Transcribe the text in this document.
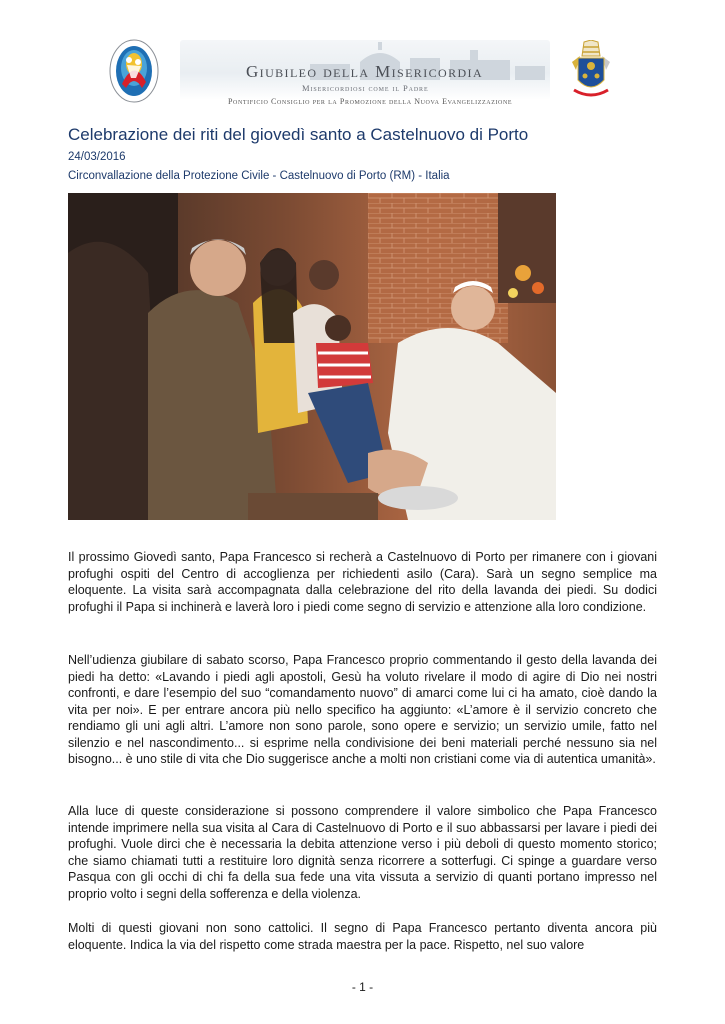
Giubileo della Misericordia
Misericordiosi come il Padre
Pontificio Consiglio per la Promozione della Nuova Evangelizzazione
Celebrazione dei riti del giovedì santo a Castelnuovo di Porto
24/03/2016
Circonvallazione della Protezione Civile - Castelnuovo di Porto (RM) - Italia

Il prossimo Giovedì santo, Papa Francesco si recherà a Castelnuovo di Porto per rimanere con i giovani profughi ospiti del Centro di accoglienza per richiedenti asilo (Cara). Sarà un segno semplice ma eloquente. La visita sarà accompagnata dalla celebrazione del rito della lavanda dei piedi. Su dodici profughi il Papa si inchinerà e laverà loro i piedi come segno di servizio e attenzione alla loro condizione.

Nell’udienza giubilare di sabato scorso, Papa Francesco proprio commentando il gesto della lavanda dei piedi ha detto: «Lavando i piedi agli apostoli, Gesù ha voluto rivelare il modo di agire di Dio nei nostri confronti, e dare l’esempio del suo “comandamento nuovo” di amarci come lui ci ha amato, cioè dando la vita per noi». E per entrare ancora più nello specifico ha aggiunto: «L’amore è il servizio concreto che rendiamo gli uni agli altri. L’amore non sono parole, sono opere e servizio; un servizio umile, fatto nel silenzio e nel nascondimento... si esprime nella condivisione dei beni materiali perché nessuno sia nel bisogno... è uno stile di vita che Dio suggerisce anche a molti non cristiani come via di autentica umanità».

Alla luce di queste considerazione si possono comprendere il valore simbolico che Papa Francesco intende imprimere nella sua visita al Cara di Castelnuovo di Porto e il suo abbassarsi per lavare i piedi dei profughi. Vuole dirci che è necessaria la debita attenzione verso i più deboli di questo momento storico; che siamo chiamati tutti a restituire loro dignità senza ricorrere a sotterfugi. Ci spinge a guardare verso Pasqua con gli occhi di chi fa della sua fede una vita vissuta a servizio di quanti portano impresso nel proprio volto i segni della sofferenza e della violenza.

Molti di questi giovani non sono cattolici. Il segno di Papa Francesco pertanto diventa ancora più eloquente. Indica la via del rispetto come strada maestra per la pace. Rispetto, nel suo valore

- 1 -
